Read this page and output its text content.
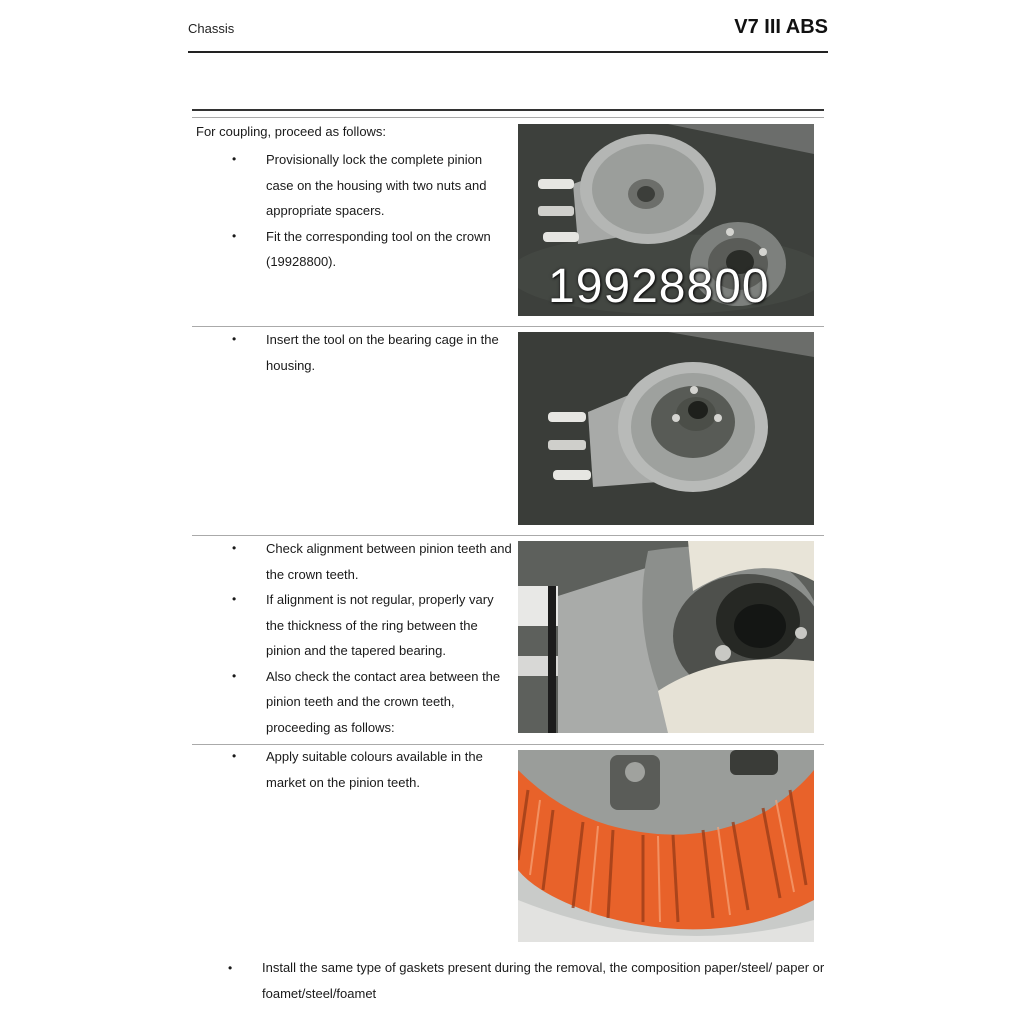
Chassis	V7 III ABS
For coupling, proceed as follows:
• Provisionally lock the complete pinion case on the housing with two nuts and appropriate spacers.
• Fit the corresponding tool on the crown (19928800).	19928800
• Insert the tool on the bearing cage in the housing.
• Check alignment between pinion teeth and the crown teeth.
• If alignment is not regular, properly vary the thickness of the ring between the pinion and the tapered bearing.
• Also check the contact area between the pinion teeth and the crown teeth, proceeding as follows:
• Apply suitable colours available in the market on the pinion teeth.
•	Install the same type of gaskets present during the removal, the composition paper/steel/ paper or foamet/steel/foamet
